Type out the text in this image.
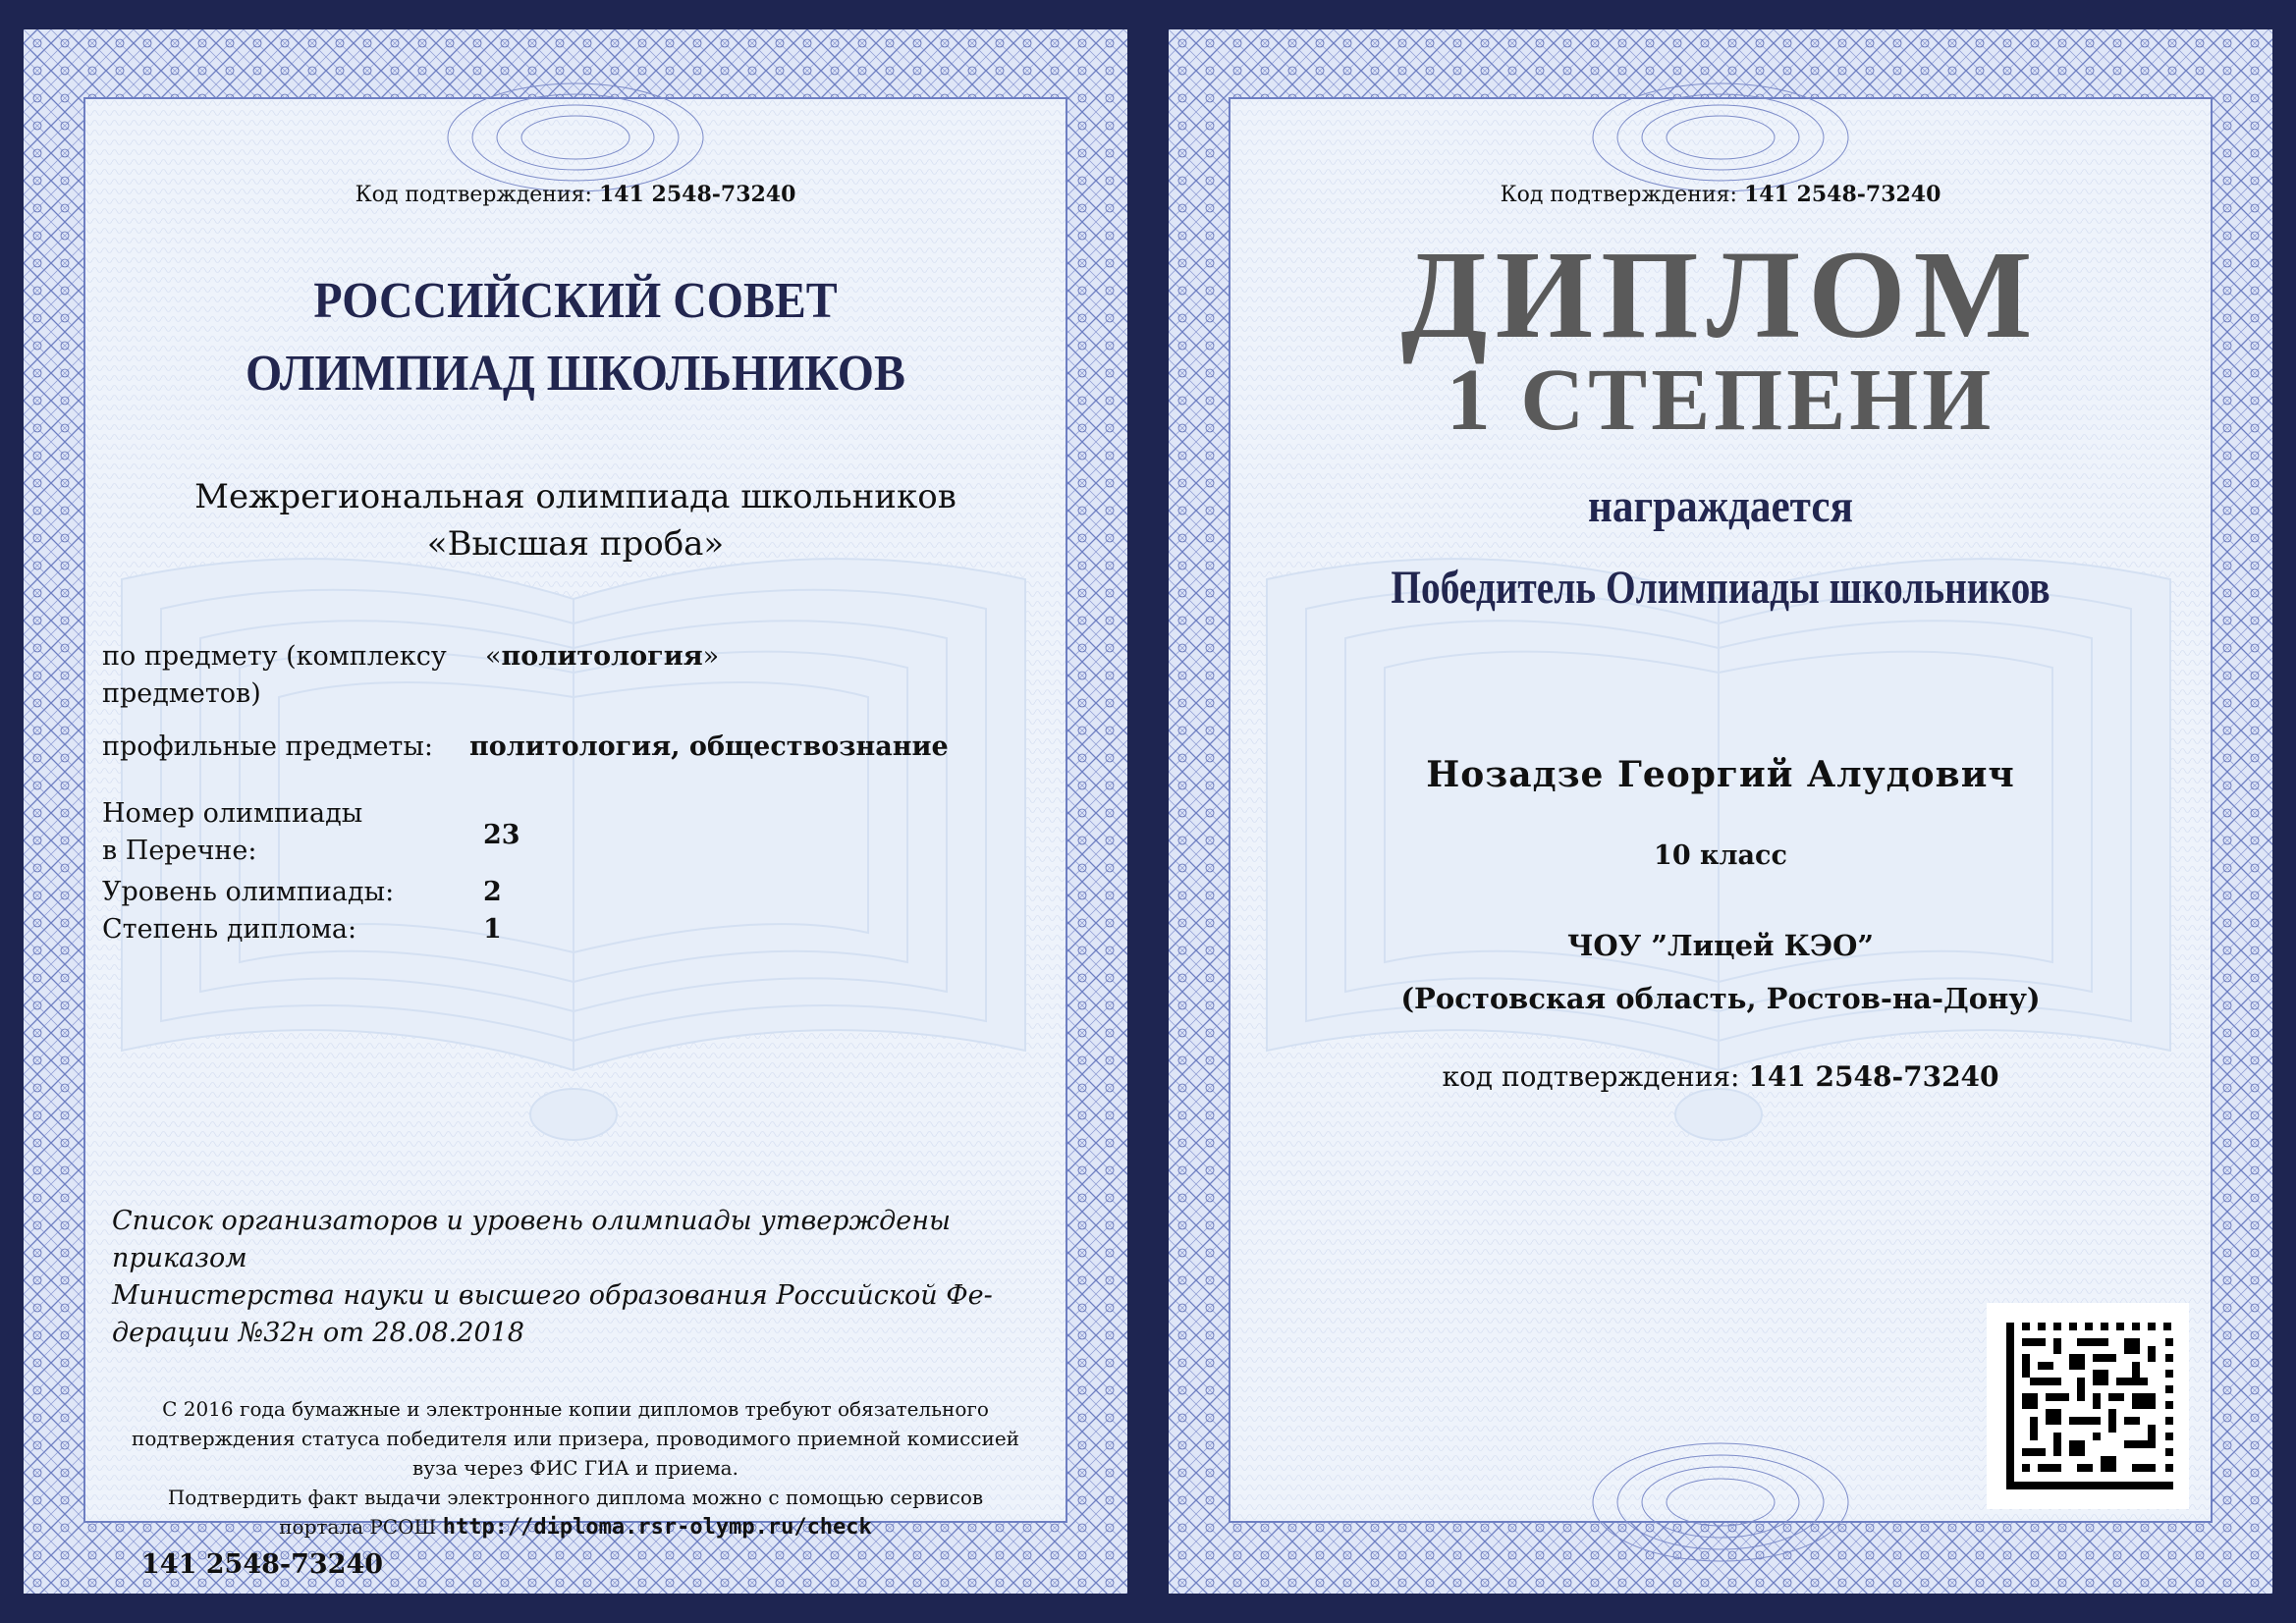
Код подтверждения: 141 2548-73240
РОССИЙСКИЙ СОВЕТ
ОЛИМПИАД ШКОЛЬНИКОВ
Межрегиональная олимпиада школьников
«Высшая проба»
по предмету (комплексу
предметов)
«политология»
профильные предметы: политология, обществознание
Номер олимпиады
в Перечне:
23
Уровень олимпиады:	2
Степень диплома:	1
Список организаторов и уровень олимпиады утверждены
приказом
Министерства науки и высшего образования Российской Фе-
дерации №32н от 28.08.2018
С 2016 года бумажные и электронные копии дипломов требуют обязательного
подтверждения статуса победителя или призера, проводимого приемной комиссией
вуза через ФИС ГИА и приема.
Подтвердить факт выдачи электронного диплома можно с помощью сервисов
портала РСОШ http://diploma.rsr-olymp.ru/check
141 2548-73240
Код подтверждения: 141 2548-73240
ДИПЛОМ
1 СТЕПЕНИ
награждается
Победитель Олимпиады школьников
Нозадзе Георгий Алудович
10 класс
ЧОУ ”Лицей КЭО”
(Ростовская область, Ростов-на-Дону)
код подтверждения: 141 2548-73240
